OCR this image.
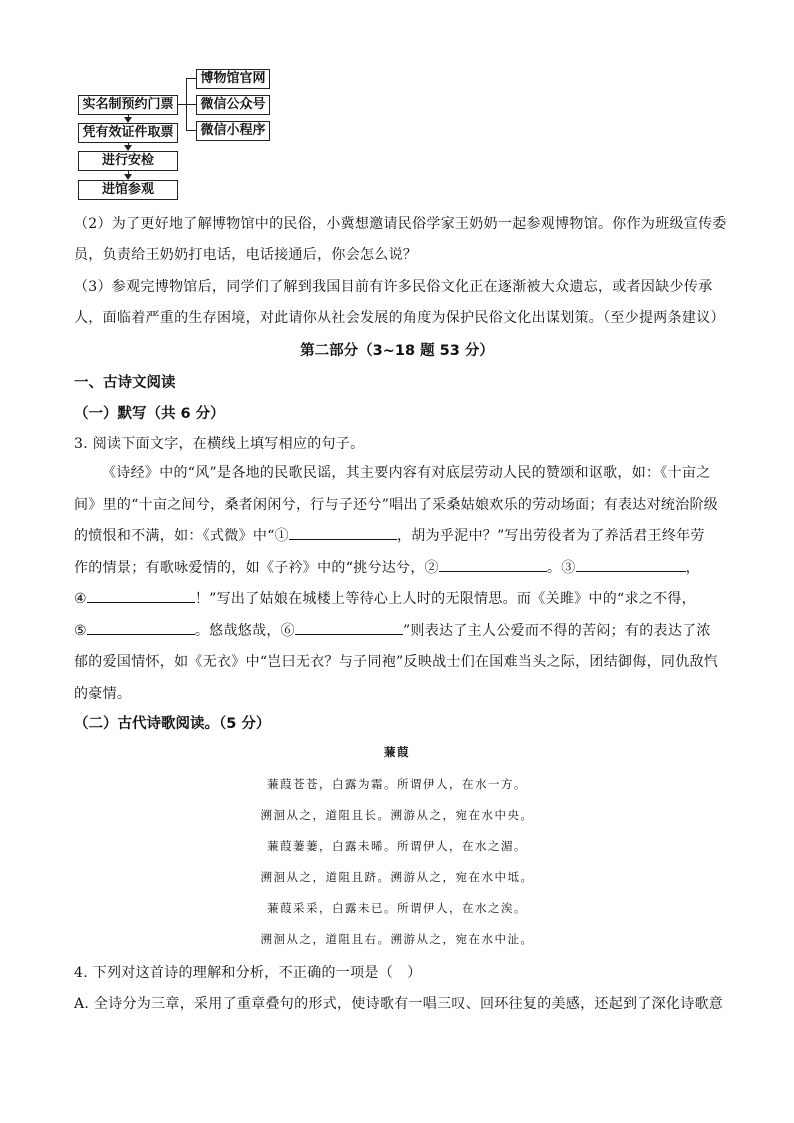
实名制预约门票
凭有效证件取票
进行安检
进馆参观
博物馆官网
微信公众号
微信小程序
（2）为了更好地了解博物馆中的民俗，小冀想邀请民俗学家王奶奶一起参观博物馆。你作为班级宣传委
员，负责给王奶奶打电话，电话接通后，你会怎么说？
（3）参观完博物馆后，同学们了解到我国目前有许多民俗文化正在逐渐被大众遗忘，或者因缺少传承
人，面临着严重的生存困境，对此请你从社会发展的角度为保护民俗文化出谋划策。（至少提两条建议）
第二部分（3~18 题 53 分）
一、古诗文阅读
（一）默写（共 6 分）
3. 阅读下面文字，在横线上填写相应的句子。

《诗经》中的“风”是各地的民歌民谣，其主要内容有对底层劳动人民的赞颂和讴歌，如：《十亩之

间》里的“十亩之间兮，桑者闲闲兮，行与子还兮”唱出了采桑姑娘欢乐的劳动场面；有表达对统治阶级

的愤恨和不满，如：《式微》中“①	，胡为乎泥中？”写出劳役者为了养活君王终年劳

作的情景；有歌咏爱情的，如《子衿》中的“挑兮达兮，②	。③	，

④	！”写出了姑娘在城楼上等待心上人时的无限情思。而《关雎》中的“求之不得，

⑤	。悠哉悠哉，⑥	”则表达了主人公爱而不得的苦闷；有的表达了浓

郁的爱国情怀，如《无衣》中“岂曰无衣？与子同袍”反映战士们在国难当头之际，团结御侮，同仇敌忾

的豪情。

（二）古代诗歌阅读。（5 分）
蒹葭
蒹葭苍苍，白露为霜。所谓伊人，在水一方。
溯洄从之，道阻且长。溯游从之，宛在水中央。
蒹葭萋萋，白露未晞。所谓伊人，在水之湄。
溯洄从之，道阻且跻。溯游从之，宛在水中坻。
蒹葭采采，白露未已。所谓伊人，在水之涘。
溯洄从之，道阻且右。溯游从之，宛在水中沚。
4. 下列对这首诗的理解和分析，不正确的一项是（　）
A. 全诗分为三章，采用了重章叠句的形式，使诗歌有一唱三叹、回环往复的美感，还起到了深化诗歌意
